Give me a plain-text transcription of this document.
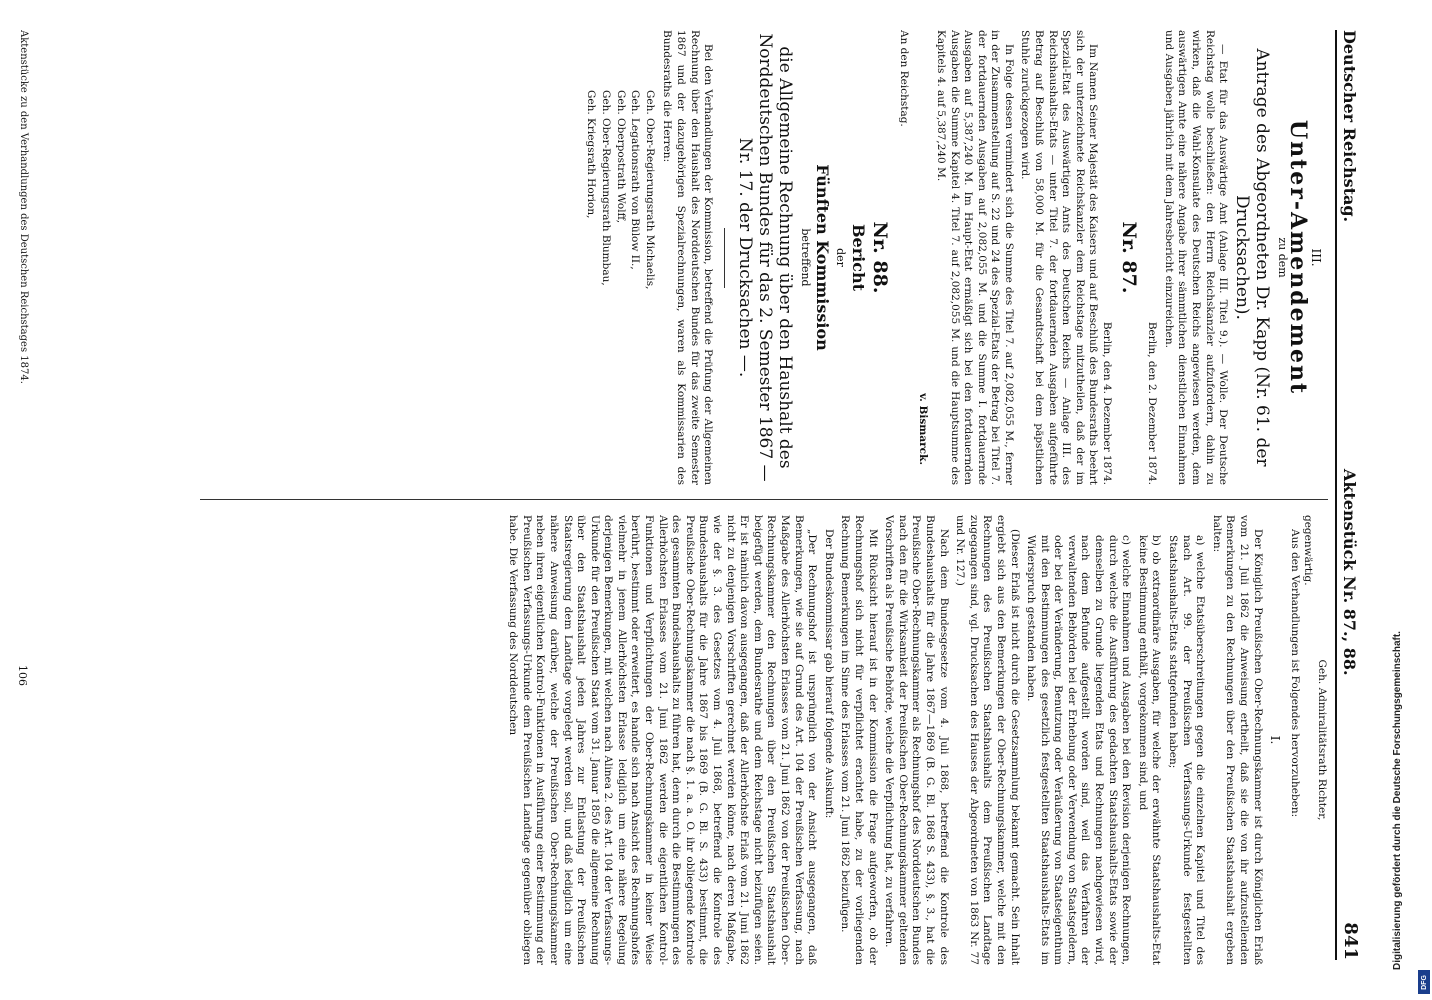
Deutscher Reichstag.
Aktenstück Nr. 87., 88.
841
III.
Unter-Amendement
zu dem
Antrage des Abgeordneten Dr. Kapp (Nr. 61. der Drucksachen).

— Etat für das Auswärtige Amt (Anlage III. Titel 9.). — Wolle. Der Deutsche Reichstag wolle beschließen: den Herrn Reichskanzler aufzufordern, dahin zu wirken, daß die Wahl-Konsulate des Deutschen Reichs angewiesen werden, dem auswärtigen Amte eine nähere Angabe ihrer sämmtlichen dienstlichen Einnahmen und Ausgaben jährlich mit dem Jahresbericht einzureichen.

Berlin, den 2. Dezember 1874.
Nr. 87.
Berlin, den 4. Dezember 1874.

Im Namen Seiner Majestät des Kaisers und auf Beschluß des Bundesraths beehrt sich der unterzeichnete Reichskanzler dem Reichstage mitzutheilen, daß der im Spezial-Etat des Auswärtigen Amts des Deutschen Reichs — Anlage III. des Reichshaushalts-Etats — unter Titel 7. der fortdauernden Ausgaben aufgeführte Betrag auf Beschluß von 58,000 M. für die Gesandtschaft bei dem päpstlichen Stuhle zurückgezogen wird.

In Folge dessen vermindert sich die Summe des Titel 7. auf 2,082,055 M., ferner in der Zusammenstellung auf S. 22 und 24 des Spezial-Etats der Betrag bei Titel 7. der fortdauernden Ausgaben auf 2,082,055 M. und die Summe I. fortdauernde Ausgaben auf 5,387,240 M. Im Haupt-Etat ermäßigt sich bei den fortdauernden Ausgaben die Summe Kapitel 4. Titel 7. auf 2,082,055 M. und die Hauptsumme des Kapitels 4. auf 5,387,240 M.

v. Bismarck.
An den Reichstag.
Nr. 88.
Bericht
der
Fünften Kommission
betreffend
die Allgemeine Rechnung über den Haushalt des Norddeutschen Bundes für das 2. Semester 1867 — Nr. 17. der Drucksachen —.

Bei den Verhandlungen der Kommission, betreffend die Prüfung der Allgemeinen Rechnung über den Haushalt des Norddeutschen Bundes für das zweite Semester 1867 und der dazugehörigen Spezialrechnungen, waren als Kommissarien des Bundesraths die Herren:

Geh. Ober-Regierungsrath Michaelis,
Geh. Legationsrath von Bülow II.,
Geh. Oberpostrath Wolff,
Geh. Ober-Regierungsrath Blumbau,
Geh. Kriegsrath Horion,
Geh. Admiralitätsrath Richter,
gegenwärtig.

Aus den Verhandlungen ist Folgendes hervorzuheben:

I.

Der Königlich Preußischen Ober-Rechnungskammer ist durch Königlichen Erlaß vom 21. Juli 1862 die Anweisung ertheilt, daß sie die von ihr aufzustellenden Bemerkungen zu den Rechnungen über den Preußischen Staatshaushalt ergeben halten:

a) welche Etatsüberschreitungen gegen die einzelnen Kapitel und Titel des nach Art. 99. der Preußischen Verfassungs-Urkunde festgestellten Staatshaushalts-Etats stattgefunden haben;

b) ob extraordinäre Ausgaben, für welche der erwähnte Staatshaushalts-Etat keine Bestimmung enthält, vorgekommen sind, und

c) welche Einnahmen und Ausgaben bei den Revision derjenigen Rechnungen, durch welche die Ausführung des gedachten Staatshaushalts-Etats sowie der demselben zu Grunde liegenden Etats und Rechnungen nachgewiesen wird, nach dem Befunde aufgestellt worden sind, weil das Verfahren der verwaltenden Behörden bei der Erhebung oder Verwendung von Staatsgeldern, oder bei der Veränderung, Benutzung oder Veräußerung von Staatseigenthum mit den Bestimmungen des gesetzlich festgestellten Staatshaushalts-Etats im Widerspruch gestanden haben.

(Dieser Erlaß ist nicht durch die Gesetzsammlung bekannt gemacht. Sein Inhalt ergiebt sich aus den Bemerkungen der Ober-Rechnungskammer, welche mit den Rechnungen des Preußischen Staatshaushalts dem Preußischen Landtage zugegangen sind, vgl. Drucksachen des Hauses der Abgeordneten von 1863 Nr. 77 und Nr. 127.)

Nach dem Bundesgesetze vom 4. Juli 1868, betreffend die Kontrole des Bundeshaushalts für die Jahre 1867—1869 (B. G. Bl. 1868 S. 433), §. 3., hat die Preußische Ober-Rechnungskammer als Rechnungshof des Norddeutschen Bundes nach den für die Wirksamkeit der Preußischen Ober-Rechnungskammer geltenden Vorschriften als Preußische Behörde, welche die Verpflichtung hat, zu verfahren.

Mit Rücksicht hierauf ist in der Kommission die Frage aufgeworfen, ob der Rechnungshof sich nicht für verpflichtet erachtet habe, zu der vorliegenden Rechnung Bemerkungen im Sinne des Erlasses vom 21. Juni 1862 beizufügen.

Der Bundeskommissar gab hierauf folgende Auskunft:

„Der Rechnungshof ist ursprünglich von der Ansicht ausgegangen, daß Bemerkungen, wie sie auf Grund des Art. 104 der Preußischen Verfassung, nach Maßgabe des Allerhöchsten Erlasses vom 21. Juni 1862 von der Preußischen Ober-Rechnungskammer den Rechnungen über den Preußischen Staatshaushalt beigefügt werden, dem Bundesrathe und dem Reichstage nicht beizufügen seien. Er ist nämlich davon ausgegangen, daß der Allerhöchste Erlaß vom 21. Juni 1862 nicht zu denjenigen Vorschriften gerechnet werden könne, nach deren Maßgabe, wie der §. 3. des Gesetzes vom 4. Juli 1868, betreffend die Kontrole des Bundeshaushalts für die Jahre 1867 bis 1869 (B. G. Bl. S. 433) bestimmt, die Preußische Ober-Rechnungskammer die nach §. 1. a. a. O. ihr obliegende Kontrole des gesammten Bundeshaushalts zu führen hat, denn durch die Bestimmungen des Allerhöchsten Erlasses vom 21. Juni 1862 werden die eigentlichen Kontrol-Funktionen und Verpflichtungen der Ober-Rechnungskammer in keiner Weise berührt, bestimmt oder erweitert, es handle sich nach Ansicht des Rechnungshofes vielmehr in jenem Allerhöchsten Erlasse lediglich um eine nähere Regelung derjenigen Bemerkungen, mit welchen nach Alinea 2. des Art. 104 der Verfassungs-Urkunde für den Preußischen Staat vom 31. Januar 1850 die allgemeine Rechnung über den Staatshaushalt jeden Jahres zur Entlastung der Preußischen Staatsregierung dem Landtage vorgelegt werden soll, und daß lediglich um eine nähere Anweisung darüber, welche der Preußischen Ober-Rechnungskammer neben ihren eigentlichen Kontrol-Funktionen in Ausführung einer Bestimmung der Preußischen Verfassungs-Urkunde dem Preußischen Landtage gegenüber obliegen habe. Die Verfassung des Norddeutschen

Aktenstücke zu den Verhandlungen des Deutschen Reichstages 1874.
106	Digitalisierung gefördert durch die Deutsche Forschungsgemeinschaft.
DFG
